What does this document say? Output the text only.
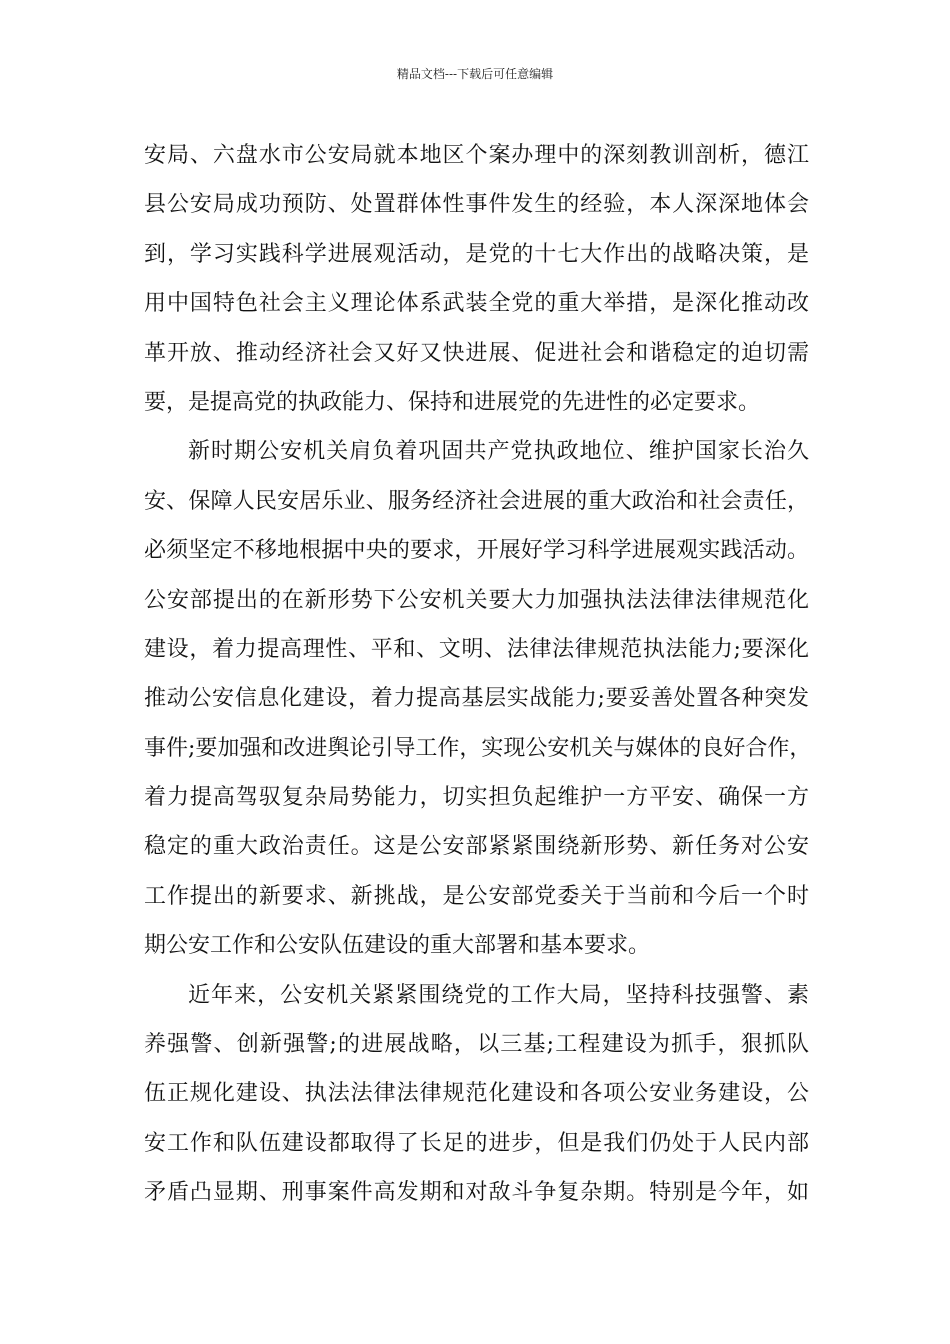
精品文档---下载后可任意编辑
安局、六盘水市公安局就本地区个案办理中的深刻教训剖析，德江
县公安局成功预防、处置群体性事件发生的经验，本人深深地体会
到，学习实践科学进展观活动，是党的十七大作出的战略决策，是
用中国特色社会主义理论体系武装全党的重大举措，是深化推动改
革开放、推动经济社会又好又快进展、促进社会和谐稳定的迫切需
要，是提高党的执政能力、保持和进展党的先进性的必定要求。
新时期公安机关肩负着巩固共产党执政地位、维护国家长治久
安、保障人民安居乐业、服务经济社会进展的重大政治和社会责任，
必须坚定不移地根据中央的要求，开展好学习科学进展观实践活动。
公安部提出的在新形势下公安机关要大力加强执法法律法律规范化
建设，着力提高理性、平和、文明、法律法律规范执法能力;要深化
推动公安信息化建设，着力提高基层实战能力;要妥善处置各种突发
事件;要加强和改进舆论引导工作，实现公安机关与媒体的良好合作，
着力提高驾驭复杂局势能力，切实担负起维护一方平安、确保一方
稳定的重大政治责任。这是公安部紧紧围绕新形势、新任务对公安
工作提出的新要求、新挑战，是公安部党委关于当前和今后一个时
期公安工作和公安队伍建设的重大部署和基本要求。
近年来，公安机关紧紧围绕党的工作大局，坚持科技强警、素
养强警、创新强警;的进展战略，以三基;工程建设为抓手，狠抓队
伍正规化建设、执法法律法律规范化建设和各项公安业务建设，公
安工作和队伍建设都取得了长足的进步，但是我们仍处于人民内部
矛盾凸显期、刑事案件高发期和对敌斗争复杂期。特别是今年，如
